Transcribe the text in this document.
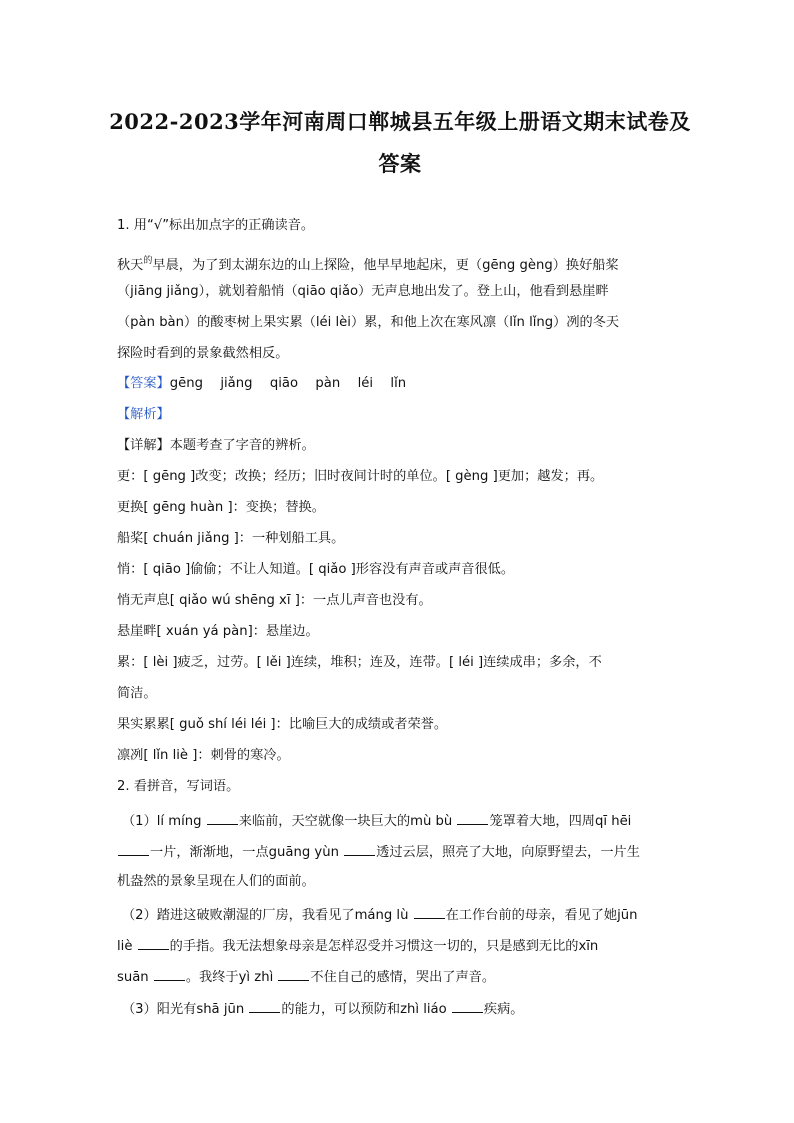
2022-2023学年河南周口郸城县五年级上册语文期末试卷及
答案
1. 用“√”标出加点字的正确读音。
秋天$^的$早晨，为了到太湖东边的山上探险，他早早地起床，更（gēng gèng）换好船桨
（jiāng jiǎng），就划着船悄（qiāo qiǎo）无声息地出发了。登上山，他看到悬崖畔
（pàn bàn）的酸枣树上果实累（léi lèi）累，和他上次在寒风凛（lǐn lǐng）冽的冬天
探险时看到的景象截然相反。
【答案】gēng　 jiǎng　 qiāo　 pàn　 léi　 lǐn
【解析】
【详解】本题考查了字音的辨析。
更：[ gēng ]改变；改换；经历；旧时夜间计时的单位。[ gèng ]更加；越发；再。
更换[ gēng huàn ]：变换；替换。
船桨[ chuán jiǎng ]：一种划船工具。
悄：[ qiāo ]偷偷；不让人知道。[ qiǎo ]形容没有声音或声音很低。
悄无声息[ qiǎo wú shēng xī ]：一点儿声音也没有。
悬崖畔[ xuán yá pàn]：悬崖边。
累：[ lèi ]疲乏，过劳。[ lěi ]连续，堆积；连及，连带。[ léi ]连续成串；多余，不
简洁。
果实累累[ guǒ shí léi léi ]：比喻巨大的成绩或者荣誉。
凛冽[ lǐn liè ]：刺骨的寒冷。
2. 看拼音，写词语。
（1）lí míng	来临前，天空就像一块巨大的mù bù	笼罩着大地，四周qī hēi
一片，渐渐地，一点guāng yùn	透过云层，照亮了大地，向原野望去，一片生
机盎然的景象呈现在人们的面前。
（2）踏进这破败潮湿的厂房，我看见了máng lù	在工作台前的母亲，看见了她jūn
liè	的手指。我无法想象母亲是怎样忍受并习惯这一切的，只是感到无比的xīn
suān	。我终于yì zhì	不住自己的感情，哭出了声音。
（3）阳光有shā jūn	的能力，可以预防和zhì liáo	疾病。
